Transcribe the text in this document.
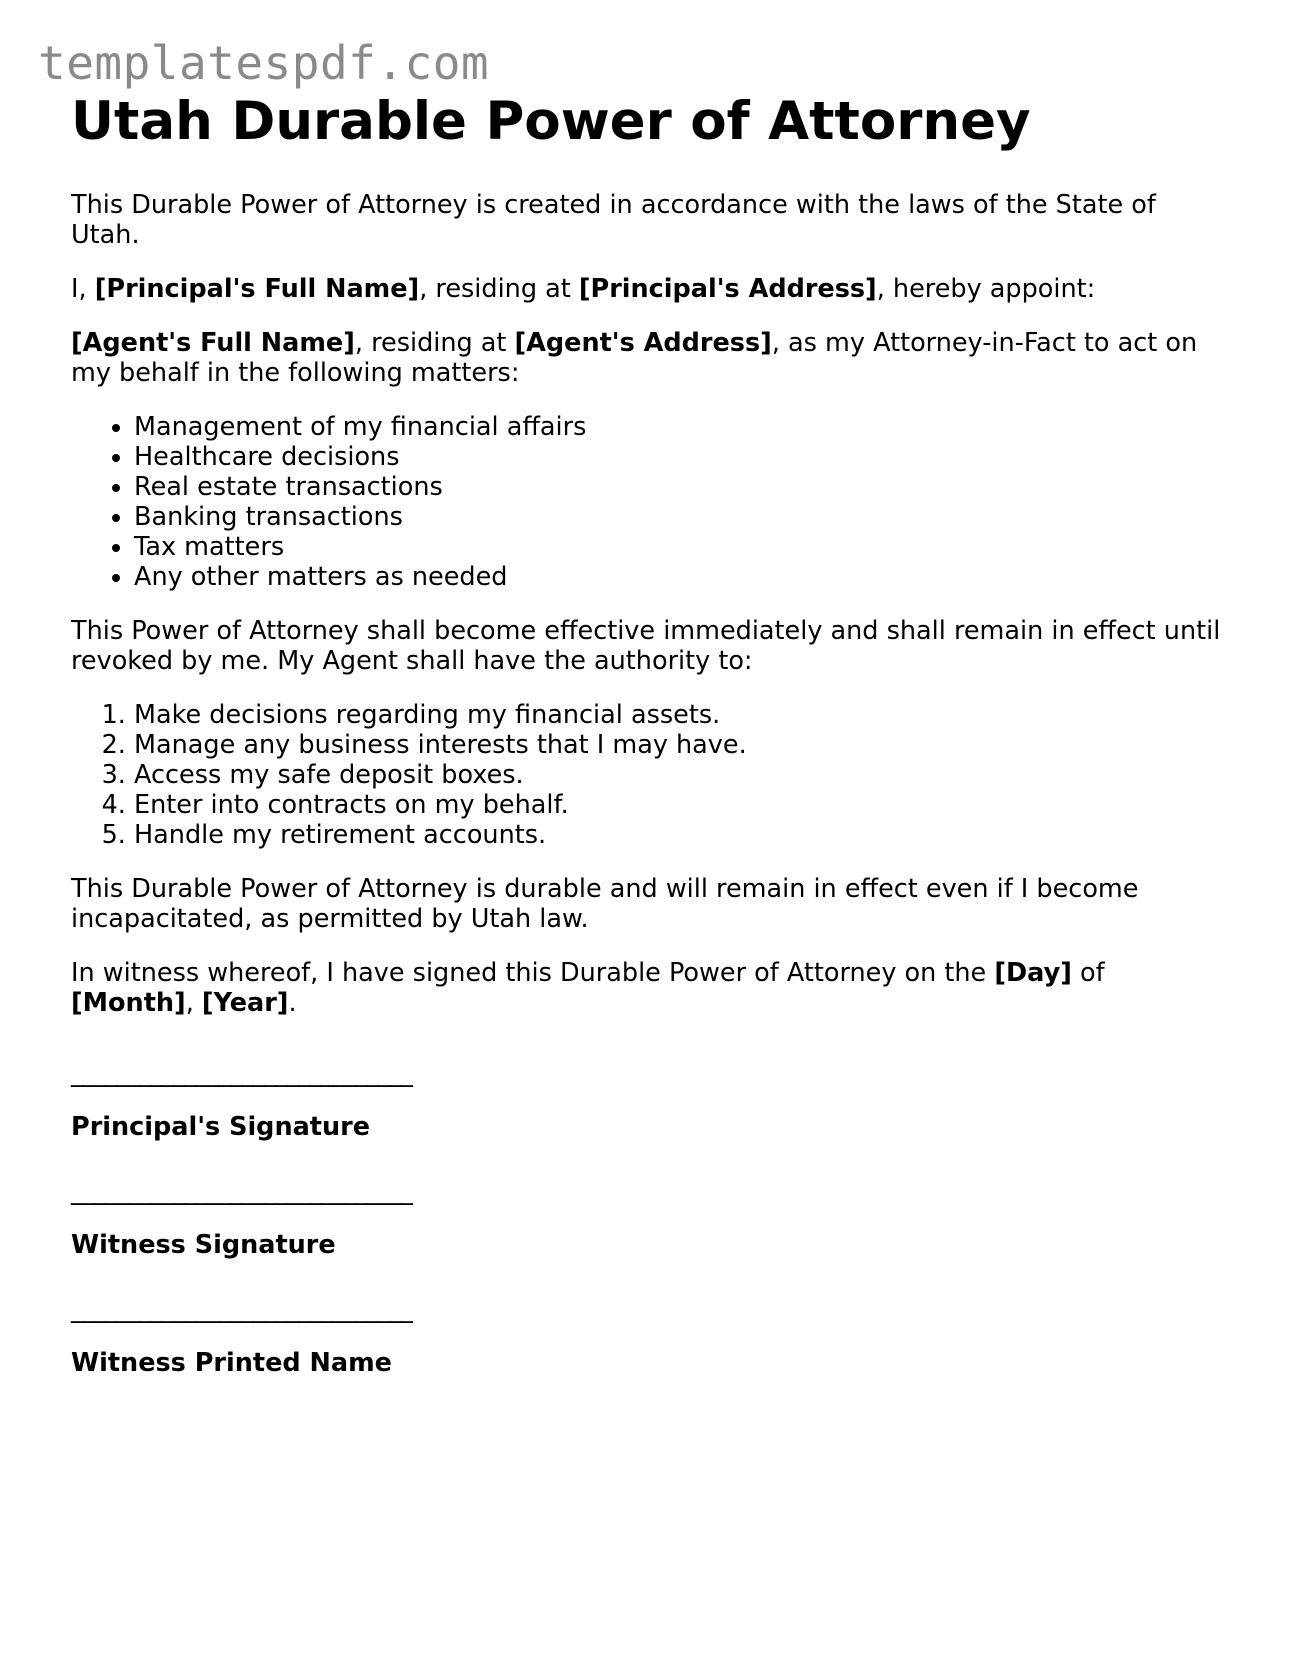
templatespdf.com
Utah Durable Power of Attorney

This Durable Power of Attorney is created in accordance with the laws of the State of Utah.

I, [Principal's Full Name], residing at [Principal's Address], hereby appoint:

[Agent's Full Name], residing at [Agent's Address], as my Attorney-in-Fact to act on my behalf in the following matters:

• Management of my financial affairs
• Healthcare decisions
• Real estate transactions
• Banking transactions
• Tax matters
• Any other matters as needed

This Power of Attorney shall become effective immediately and shall remain in effect until revoked by me. My Agent shall have the authority to:

1. Make decisions regarding my financial assets.
2. Manage any business interests that I may have.
3. Access my safe deposit boxes.
4. Enter into contracts on my behalf.
5. Handle my retirement accounts.

This Durable Power of Attorney is durable and will remain in effect even if I become incapacitated, as permitted by Utah law.

In witness whereof, I have signed this Durable Power of Attorney on the [Day] of [Month], [Year].

______________________________
Principal's Signature
______________________________
Witness Signature
______________________________
Witness Printed Name
